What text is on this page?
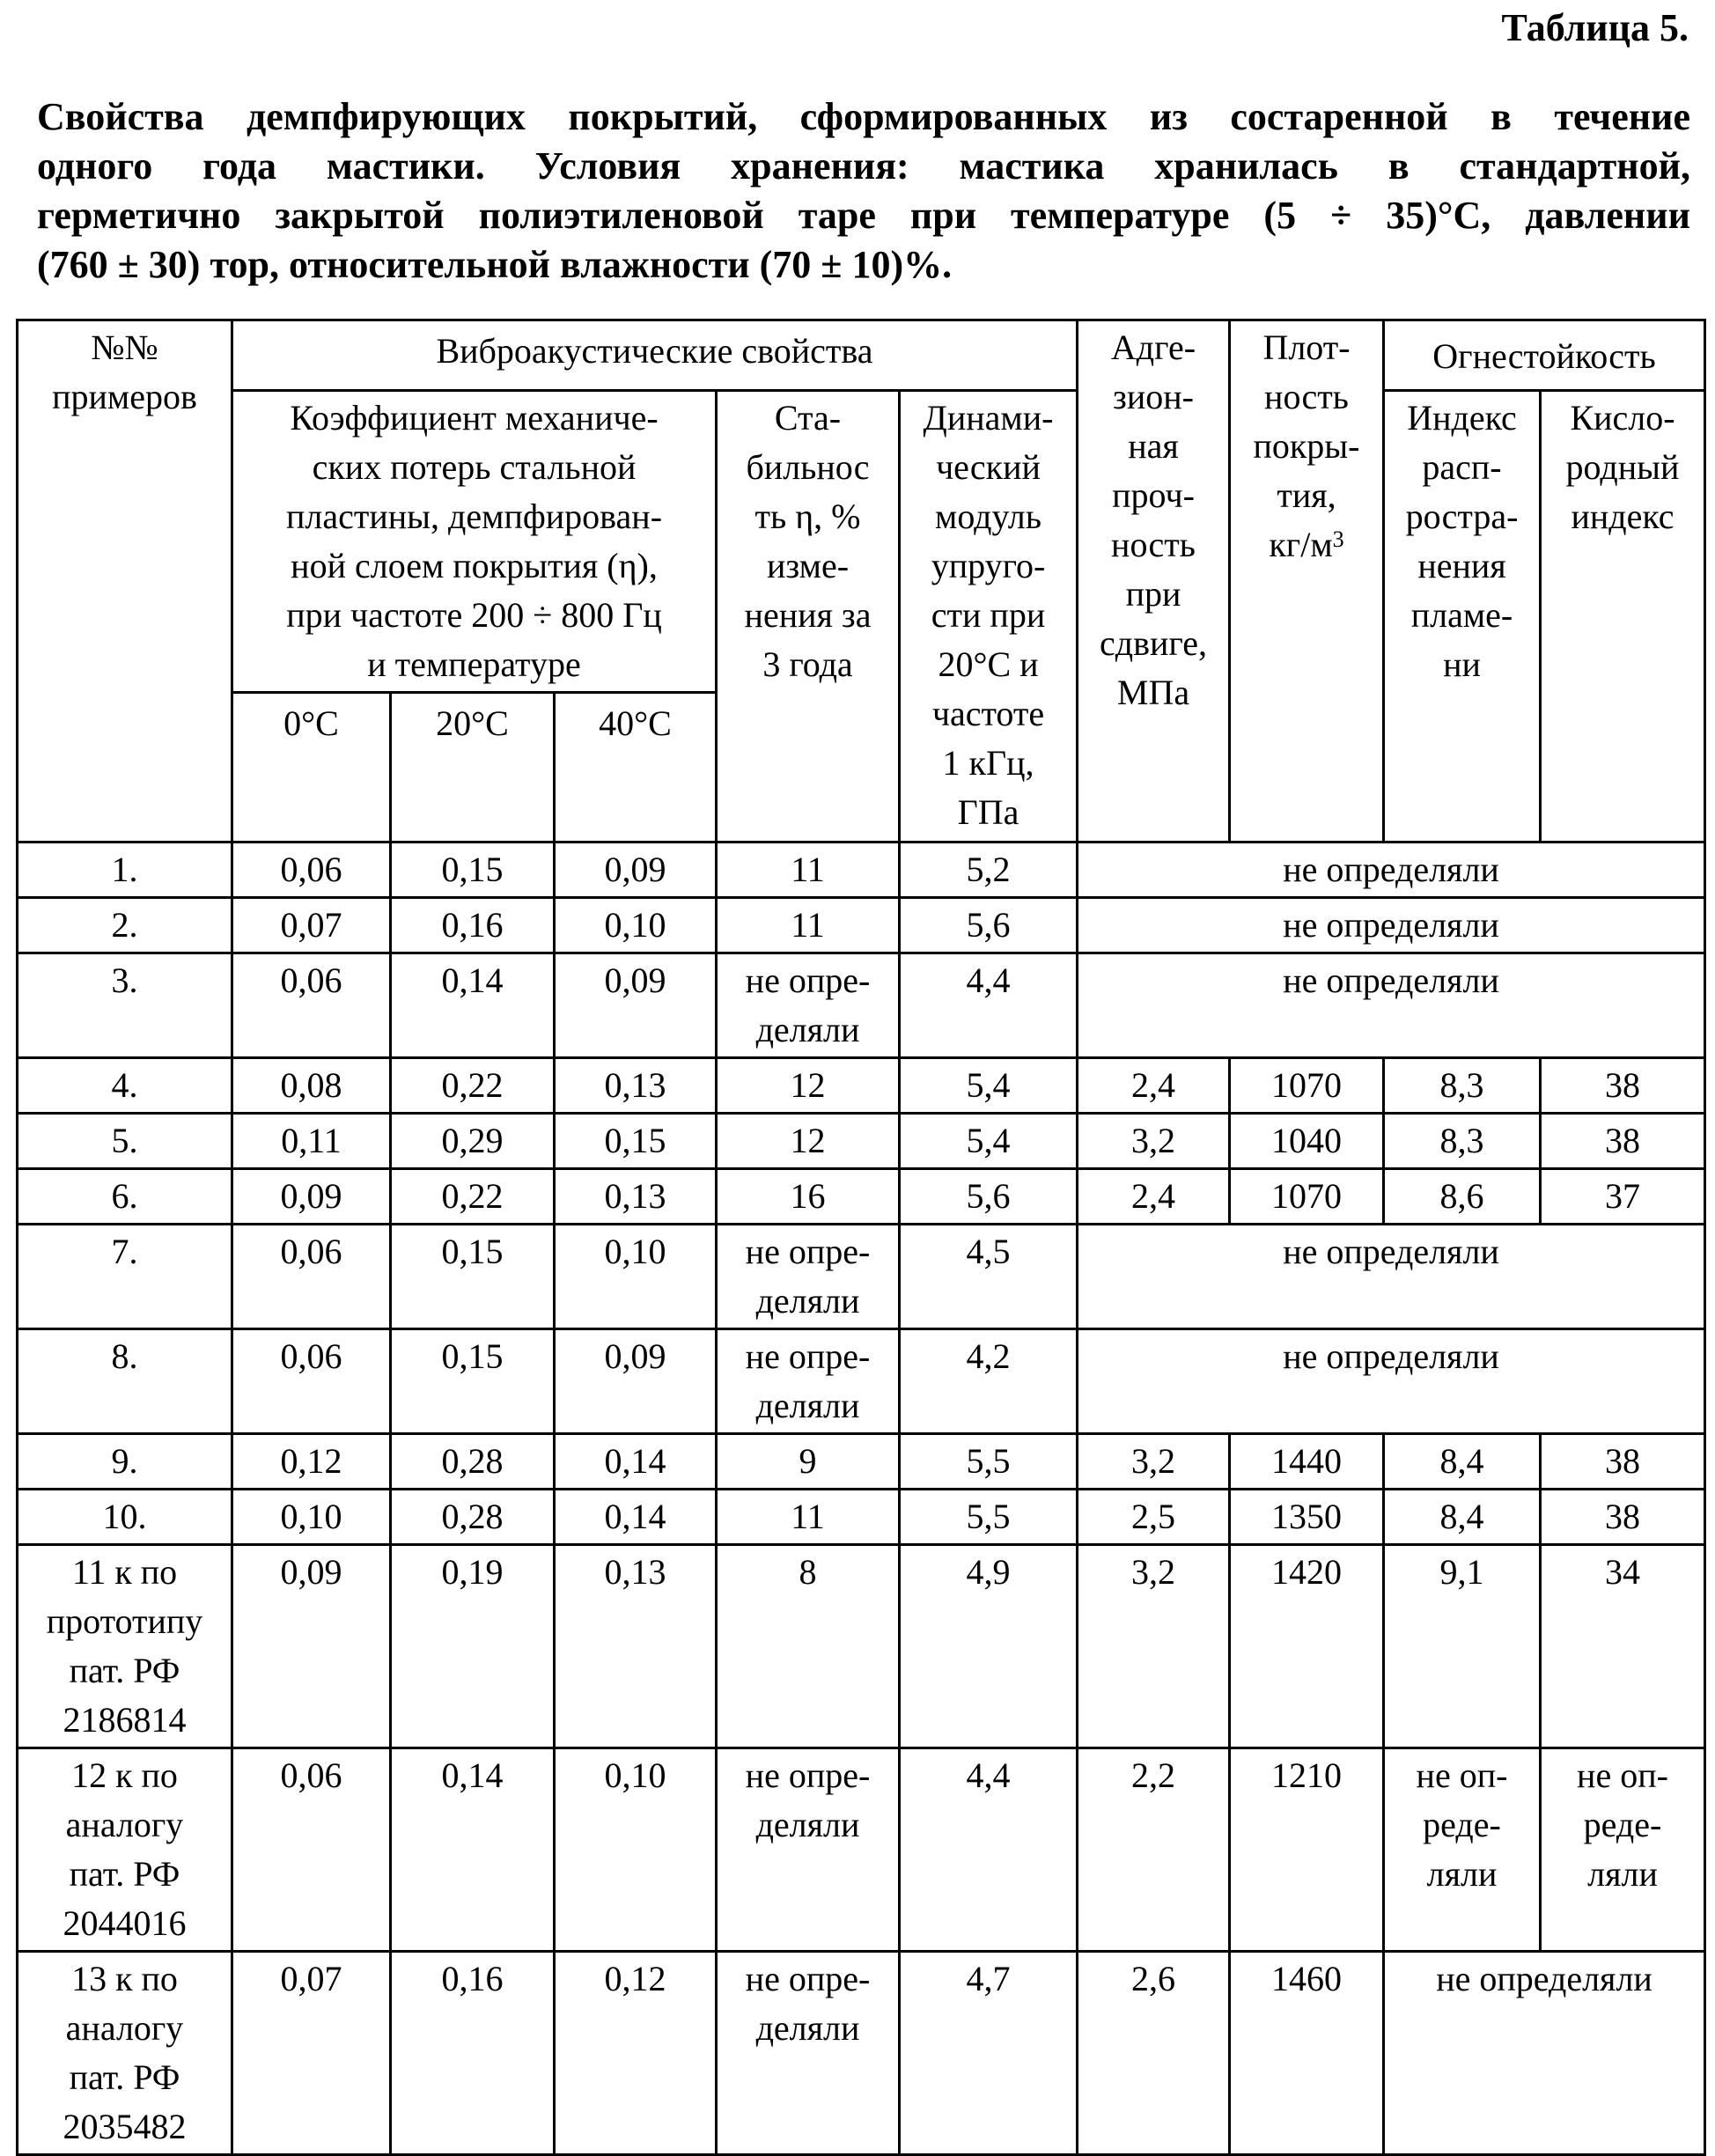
Таблица 5.
Свойства демпфирующих покрытий, сформированных из состаренной в течение
одного года мастики. Условия хранения: мастика хранилась в стандартной,
герметично закрытой полиэтиленовой таре при температуре (5 ÷ 35)°C, давлении
(760 ± 30) тор, относительной влажности (70 ± 10)%.
№№
примеров	Виброакустические свойства	Адге-
зион-
ная
проч-
ность
при
сдвиге,
МПа	Плот-
ность
покры-
тия,
кг/м3	Огнестойкость
Коэффициент механиче-
ских потерь стальной
пластины, демпфирован-
ной слоем покрытия (η),
при частоте 200 ÷ 800 Гц
и температуре	Ста-
бильнос
ть η, %
изме-
нения за
3 года	Динами-
ческий
модуль
упруго-
сти при
20°C и
частоте
1 кГц,
ГПа	Индекс
расп-
ростра-
нения
пламе-
ни	Кисло-
родный
индекс
0°C	20°C	40°C
1.	0,06	0,15	0,09	11	5,2	не определяли
2.	0,07	0,16	0,10	11	5,6	не определяли
3.	0,06	0,14	0,09	не опре-
деляли	4,4	не определяли
4.	0,08	0,22	0,13	12	5,4	2,4	1070	8,3	38
5.	0,11	0,29	0,15	12	5,4	3,2	1040	8,3	38
6.	0,09	0,22	0,13	16	5,6	2,4	1070	8,6	37
7.	0,06	0,15	0,10	не опре-
деляли	4,5	не определяли
8.	0,06	0,15	0,09	не опре-
деляли	4,2	не определяли
9.	0,12	0,28	0,14	9	5,5	3,2	1440	8,4	38
10.	0,10	0,28	0,14	11	5,5	2,5	1350	8,4	38
11 к по
прототипу
пат. РФ
2186814	0,09	0,19	0,13	8	4,9	3,2	1420	9,1	34
12 к по
аналогу
пат. РФ
2044016	0,06	0,14	0,10	не опре-
деляли	4,4	2,2	1210	не оп-
реде-
ляли	не оп-
реде-
ляли
13 к по
аналогу
пат. РФ
2035482	0,07	0,16	0,12	не опре-
деляли	4,7	2,6	1460	не определяли
